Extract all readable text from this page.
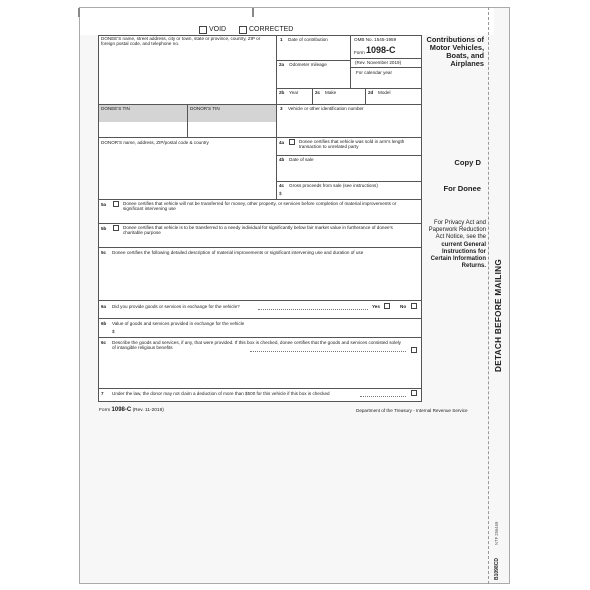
VOID	CORRECTED
DONEE'S name, street address, city or town, state or province, country, ZIP or foreign postal code, and telephone no.
1 Date of contribution	OMB No. 1545-1959
Form 1098-C
(Rev. November 2019)
For calendar year
Contributions of Motor Vehicles, Boats, and Airplanes
2a Odometer mileage
2b Year	2c Make	2d Model
DONEE'S TIN	DONOR'S TIN	3 Vehicle or other identification number
DONOR'S name, address, ZIP/postal code & country	4a	Donee certifies that vehicle was sold in arm's length transaction to unrelated party
4b Date of sale
4c Gross proceeds from sale (see instructions)
$
Copy D
For Donee
For Privacy Act and Paperwork Reduction Act Notice, see the current General Instructions for Certain Information Returns.
5a	Donee certifies that vehicle will not be transferred for money, other property, or services before completion of material improvements or significant intervening use
5b	Donee certifies that vehicle is to be transferred to a needy individual for significantly below fair market value in furtherance of donee's charitable purpose
5c Donee certifies the following detailed description of material improvements or significant intervening use and duration of use
6a Did you provide goods or services in exchange for the vehicle?	Yes	No
6b Value of goods and services provided in exchange for the vehicle
$
6c Describe the goods and services, if any, that were provided. If this box is checked, donee certifies that the goods and services consisted solely of intangible religious benefits
7 Under the law, the donor may not claim a deduction of more than $500 for this vehicle if this box is checked
Form 1098-C (Rev. 11-2019)	Department of the Treasury - Internal Revenue Service
DETACH BEFORE MAILING
B1098CD
NTF 256469
